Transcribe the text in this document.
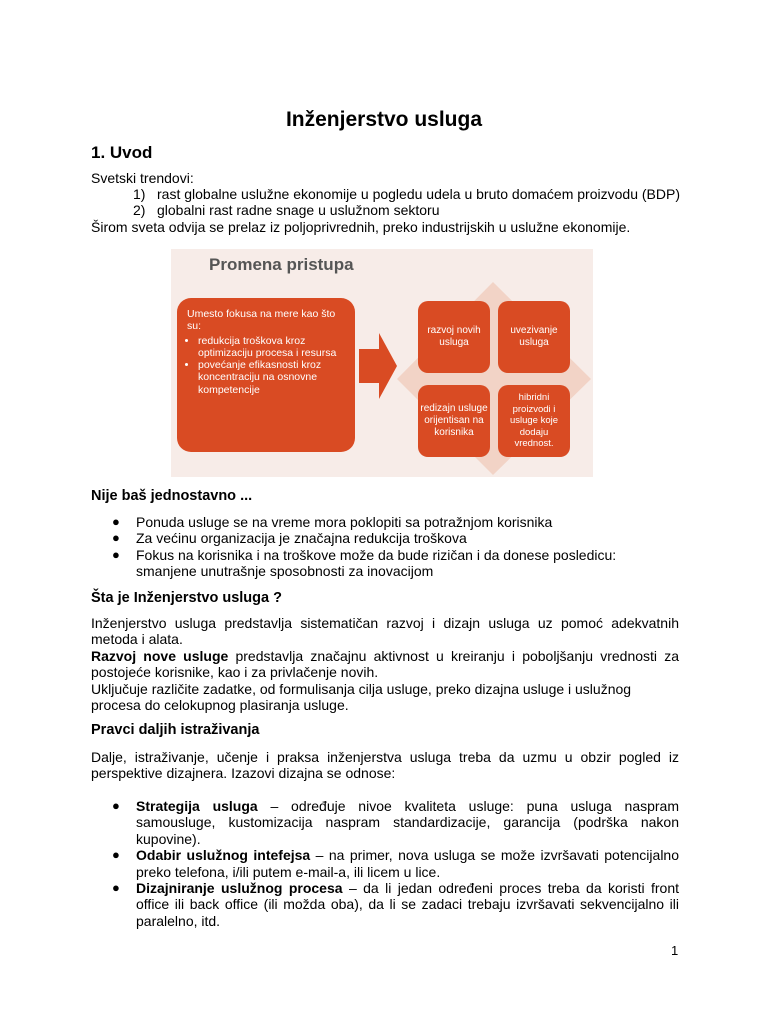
Inženjerstvo usluga
1. Uvod
Svetski trendovi:
1) rast globalne uslužne ekonomije u pogledu udela u bruto domaćem proizvodu (BDP)
2) globalni rast radne snage u uslužnom sektoru
Širom sveta odvija se prelaz iz poljoprivrednih, preko industrijskih u uslužne ekonomije.
Promena pristupa
Umesto fokusa na mere kao što su:
• redukcija troškova kroz optimizaciju procesa i resursa
• povećanje efikasnosti kroz koncentraciju na osnovne kompetencije
razvoj novih usluga
uvezivanje usluga
redizajn usluge orijentisan na korisnika
hibridni proizvodi i usluge koje dodaju vrednost.
Nije baš jednostavno ...
●	Ponuda usluge se na vreme mora poklopiti sa potražnjom korisnika
●	Za većinu organizacija je značajna redukcija troškova
●	Fokus na korisnika i na troškove može da bude rizičan i da donese posledicu: smanjene unutrašnje sposobnosti za inovacijom
Šta je Inženjerstvo usluga ?
Inženjerstvo usluga predstavlja sistematičan razvoj i dizajn usluga uz pomoć adekvatnih metoda i alata.
Razvoj nove usluge predstavlja značajnu aktivnost u kreiranju i poboljšanju vrednosti za postojeće korisnike, kao i za privlačenje novih.
Uključuje različite zadatke, od formulisanja cilja usluge, preko dizajna usluge i uslužnog procesa do celokupnog plasiranja usluge.
Pravci daljih istraživanja
Dalje, istraživanje, učenje i praksa inženjerstva usluga treba da uzmu u obzir pogled iz perspektive dizajnera. Izazovi dizajna se odnose:
●	Strategija usluga – određuje nivoe kvaliteta usluge: puna usluga naspram samousluge, kustomizacija naspram standardizacije, garancija (podrška nakon kupovine).
●	Odabir uslužnog intefejsa – na primer, nova usluga se može izvršavati potencijalno preko telefona, i/ili putem e-mail-a, ili licem u lice.
●	Dizajniranje uslužnog procesa – da li jedan određeni proces treba da koristi front office ili back office (ili možda oba), da li se zadaci trebaju izvršavati sekvencijalno ili paralelno, itd.
1
